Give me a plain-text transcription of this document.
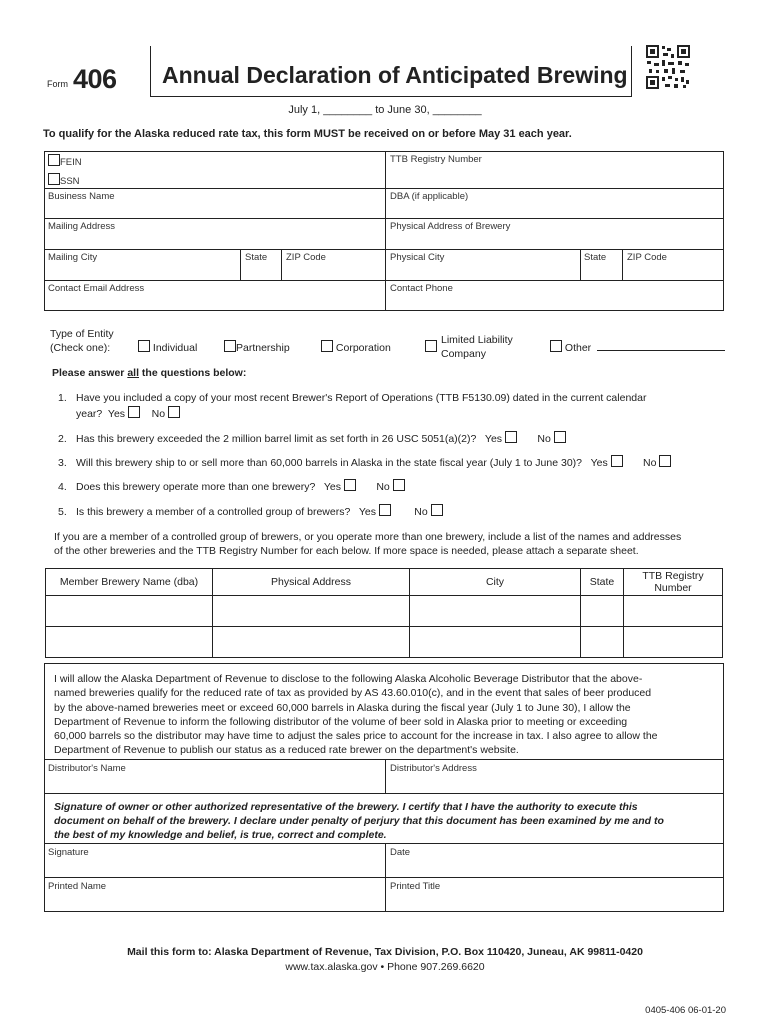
Form 406 Annual Declaration of Anticipated Brewing
July 1, ________ to June 30, ________
To qualify for the Alaska reduced rate tax, this form MUST be received on or before May 31 each year.
FEIN
SSN
TTB Registry Number
Business Name	DBA (if applicable)
Mailing Address	Physical Address of Brewery
Mailing City	State ZIP Code	Physical City	State ZIP Code
Contact Email Address	Contact Phone
Type of Entity
(Check one):	Individual	Partnership	Corporation
Limited Liability
Company	Other
Please answer all the questions below:
1. Have you included a copy of your most recent Brewer's Report of Operations (TTB F5130.09) dated in the current calendar
year? Yes	No
2. Has this brewery exceeded the 2 million barrel limit as set forth in 26 USC 5051(a)(2)? Yes	No
3. Will this brewery ship to or sell more than 60,000 barrels in Alaska in the state fiscal year (July 1 to June 30)? Yes	No
4. Does this brewery operate more than one brewery? Yes	No
5. Is this brewery a member of a controlled group of brewers? Yes	No
If you are a member of a controlled group of brewers, or you operate more than one brewery, include a list of the names and addresses
of the other breweries and the TTB Registry Number for each below. If more space is needed, please attach a separate sheet.
Member Brewery Name (dba)	Physical Address	City	State	TTB Registry Number

I will allow the Alaska Department of Revenue to disclose to the following Alaska Alcoholic Beverage Distributor that the above-
named breweries qualify for the reduced rate of tax as provided by AS 43.60.010(c), and in the event that sales of beer produced
by the above-named breweries meet or exceed 60,000 barrels in Alaska during the fiscal year (July 1 to June 30), I allow the
Department of Revenue to inform the following distributor of the volume of beer sold in Alaska prior to meeting or exceeding
60,000 barrels so the distributor may have time to adjust the sales price to account for the increase in tax. I also agree to allow the
Department of Revenue to publish our status as a reduced rate brewer on the department's website.
Distributor's Name	Distributor's Address
Signature of owner or other authorized representative of the brewery. I certify that I have the authority to execute this
document on behalf of the brewery. I declare under penalty of perjury that this document has been examined by me and to
the best of my knowledge and belief, is true, correct and complete.
Signature	Date
Printed Name	Printed Title
Mail this form to: Alaska Department of Revenue, Tax Division, P.O. Box 110420, Juneau, AK 99811-0420
www.tax.alaska.gov • Phone 907.269.6620
0405-406 06-01-20
